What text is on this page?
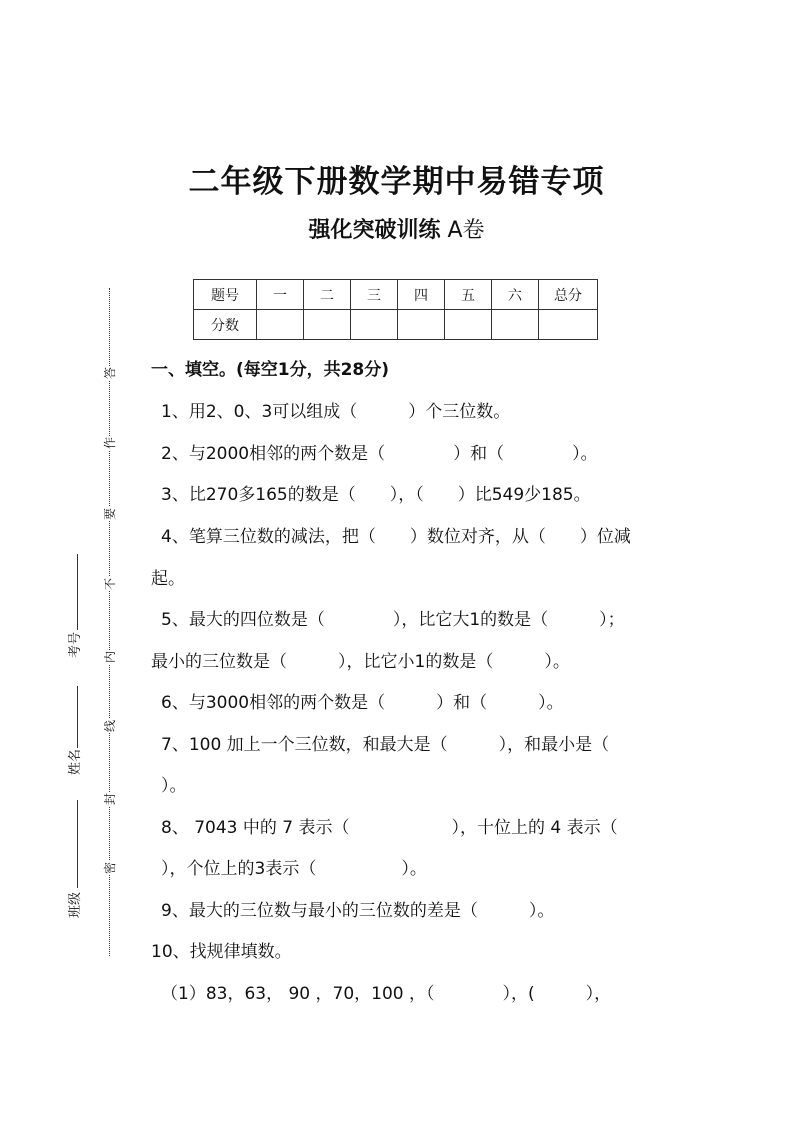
二年级下册数学期中易错专项
强化突破训练 A卷
题号	一	二	三	四	五	六	总分
分数							
答
作
要
不
内
线
封
密
考号
姓名
班级
一、填空。(每空1分，共28分)
1、用2、0、3可以组成（　　　）个三位数。
2、与2000相邻的两个数是（　　　　）和（　　　　）。
3、比270多165的数是（　　），（　　）比549少185。
4、笔算三位数的减法，把（　　）数位对齐，从（　　）位减
起。
5、最大的四位数是（　　　　），比它大1的数是（　　　）；
最小的三位数是（　　　），比它小1的数是（　　　）。
6、与3000相邻的两个数是（　　　）和（　　　）。
7、100 加上一个三位数，和最大是（　　　），和最小是（
）。
8、 7043 中的 7 表示（　　　　　　），十位上的 4 表示（
），个位上的3表示（　　　　　）。
9、最大的三位数与最小的三位数的差是（　　　）。
10、找规律填数。
（1）83，63， 90 ，70，100 ，（　　　　），(　　　），
